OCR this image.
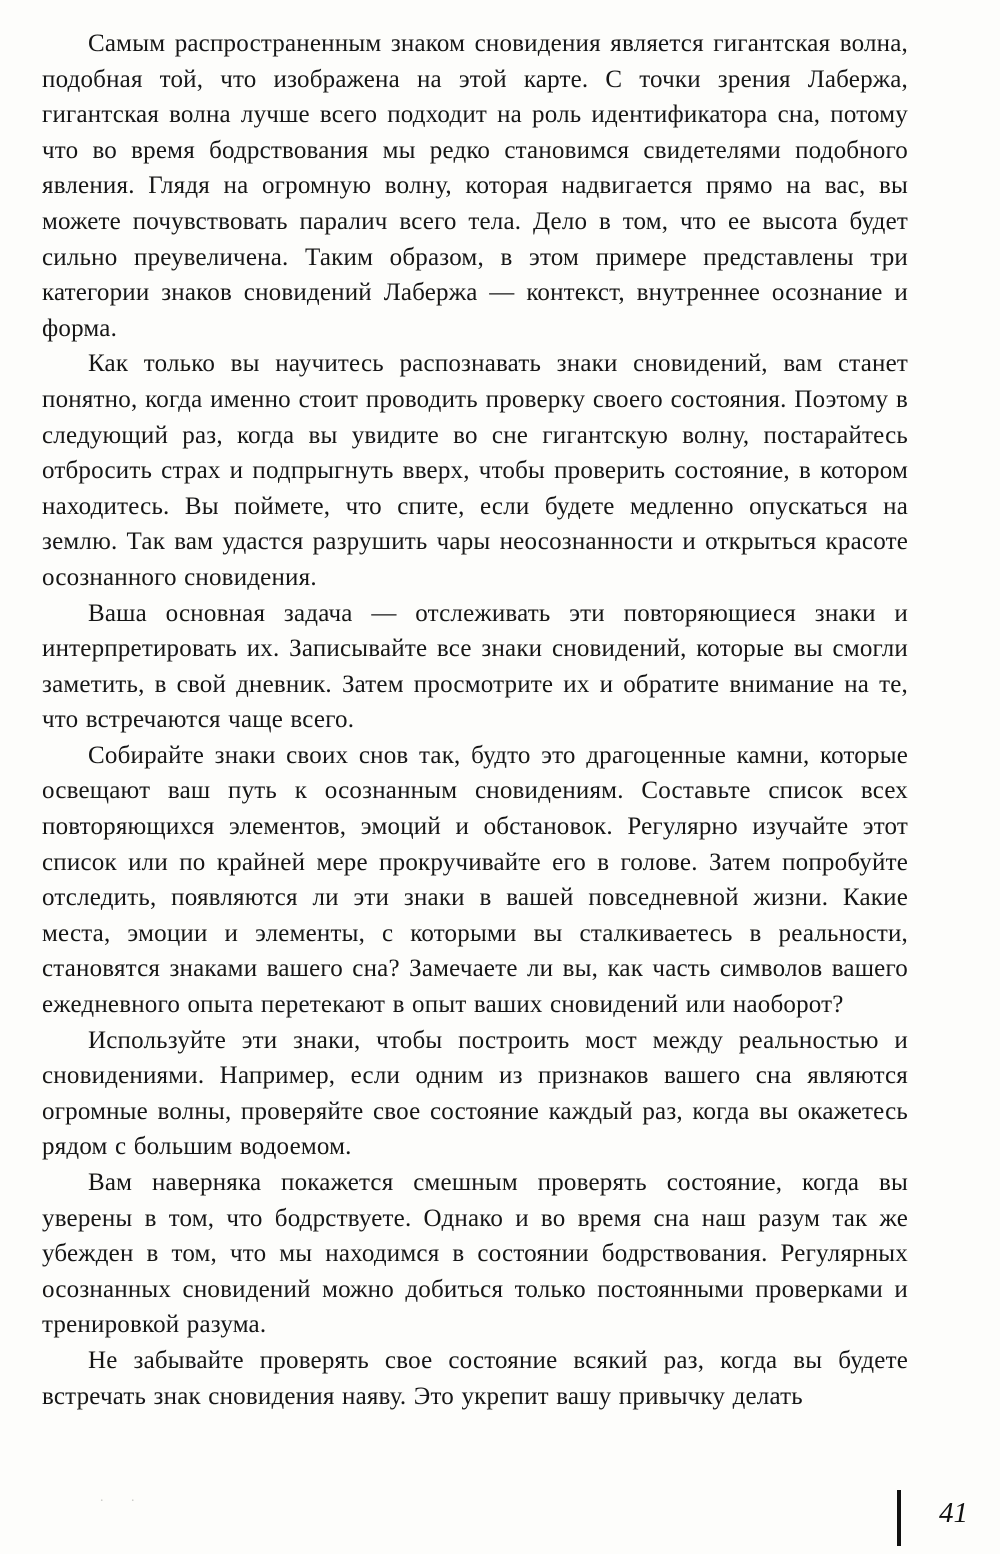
Самым распространенным знаком сновидения является гигантская волна, подобная той, что изображена на этой карте. С точки зрения Лабержа, гигантская волна лучше всего подходит на роль идентификатора сна, потому что во время бодрствования мы редко становимся свидетелями подобного явления. Глядя на огромную волну, которая надвигается прямо на вас, вы можете почувствовать паралич всего тела. Дело в том, что ее высота будет сильно преувеличена. Таким образом, в этом примере представлены три категории знаков сновидений Лабержа — контекст, внутреннее осознание и форма.

Как только вы научитесь распознавать знаки сновидений, вам станет понятно, когда именно стоит проводить проверку своего состояния. Поэтому в следующий раз, когда вы увидите во сне гигантскую волну, постарайтесь отбросить страх и подпрыгнуть вверх, чтобы проверить состояние, в котором находитесь. Вы поймете, что спите, если будете медленно опускаться на землю. Так вам удастся разрушить чары неосознанности и открыться красоте осознанного сновидения.

Ваша основная задача — отслеживать эти повторяющиеся знаки и интерпретировать их. Записывайте все знаки сновидений, которые вы смогли заметить, в свой дневник. Затем просмотрите их и обратите внимание на те, что встречаются чаще всего.

Собирайте знаки своих снов так, будто это драгоценные камни, которые освещают ваш путь к осознанным сновидениям. Составьте список всех повторяющихся элементов, эмоций и обстановок. Регулярно изучайте этот список или по крайней мере прокручивайте его в голове. Затем попробуйте отследить, появляются ли эти знаки в вашей повседневной жизни. Какие места, эмоции и элементы, с которыми вы сталкиваетесь в реальности, становятся знаками вашего сна? Замечаете ли вы, как часть символов вашего ежедневного опыта перетекают в опыт ваших сновидений или наоборот?

Используйте эти знаки, чтобы построить мост между реальностью и сновидениями. Например, если одним из признаков вашего сна являются огромные волны, проверяйте свое состояние каждый раз, когда вы окажетесь рядом с большим водоемом.

Вам наверняка покажется смешным проверять состояние, когда вы уверены в том, что бодрствуете. Однако и во время сна наш разум так же убежден в том, что мы находимся в состоянии бодрствования. Регулярных осознанных сновидений можно добиться только постоянными проверками и тренировкой разума.

Не забывайте проверять свое состояние всякий раз, когда вы будете встречать знак сновидения наяву. Это укрепит вашу привычку делать

. .	41
